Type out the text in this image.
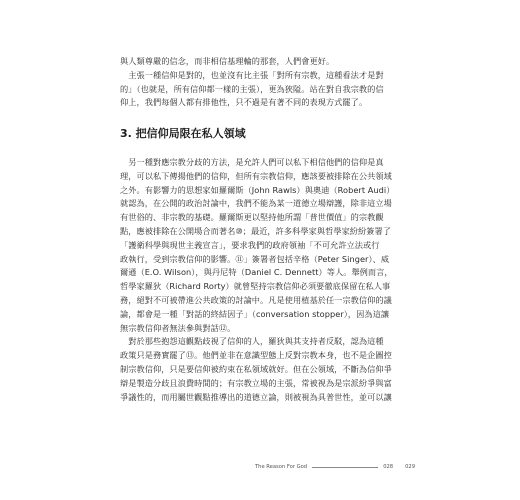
與人類尊嚴的信念，而非相信基理輪的那套，人們會更好。
　主張一種信仰是對的，也並沒有比主張「對所有宗教，這種看法才是對
的」（也就是，所有信仰都一樣的主張），更為狹隘。站在對自我宗教的信
仰上，我們每個人都有排他性，只不過是有著不同的表現方式罷了。
3. 把信仰局限在私人領域
　另一種對應宗教分歧的方法，是允許人們可以私下相信他們的信仰是真
理，可以私下傳揚他們的信仰，但所有宗教信仰，應該要被排除在公共領域
之外。有影響力的思想家如羅爾斯（John Rawls）與奧迪（Robert Audi）
就認為，在公開的政治討論中，我們不能為某一道德立場辯護，除非這立場
有世俗的、非宗教的基礎。羅爾斯更以堅持他所謂「普世價值」的宗教觀
點，應被排除在公開場合而著名⑩；最近，許多科學家與哲學家紛紛簽署了
「護衛科學與現世主義宣言」，要求我們的政府領袖「不可允許立法或行
政執行，受到宗教信仰的影響。⑪」簽署者包括辛格（Peter Singer）、威
爾遜（E.O. Wilson），與丹尼特（Daniel C. Dennett）等人。舉例而言，
哲學家羅狄（Richard Rorty）就曾堅持宗教信仰必須要徹底保留在私人事
務，絕對不可被帶進公共政策的討論中。凡是使用植基於任一宗教信仰的議
論，都會是一種「對話的終結因子」（conversation stopper），因為這讓
無宗教信仰者無法參與對話⑫。
　對於那些抱怨這觀點歧視了信仰的人，羅狄與其支持者反駁，認為這種
政策只是務實罷了⑬。他們並非在意識型態上反對宗教本身，也不是企圖控
制宗教信仰，只是要信仰被約束在私領域就好。但在公領域，不斷為信仰爭
辯是製造分歧且浪費時間的；有宗教立場的主張，常被視為是宗派紛爭與富
爭議性的，而用屬世觀點推導出的道德立論，則被視為具普世性，並可以讓
The Reason For God	028 029
